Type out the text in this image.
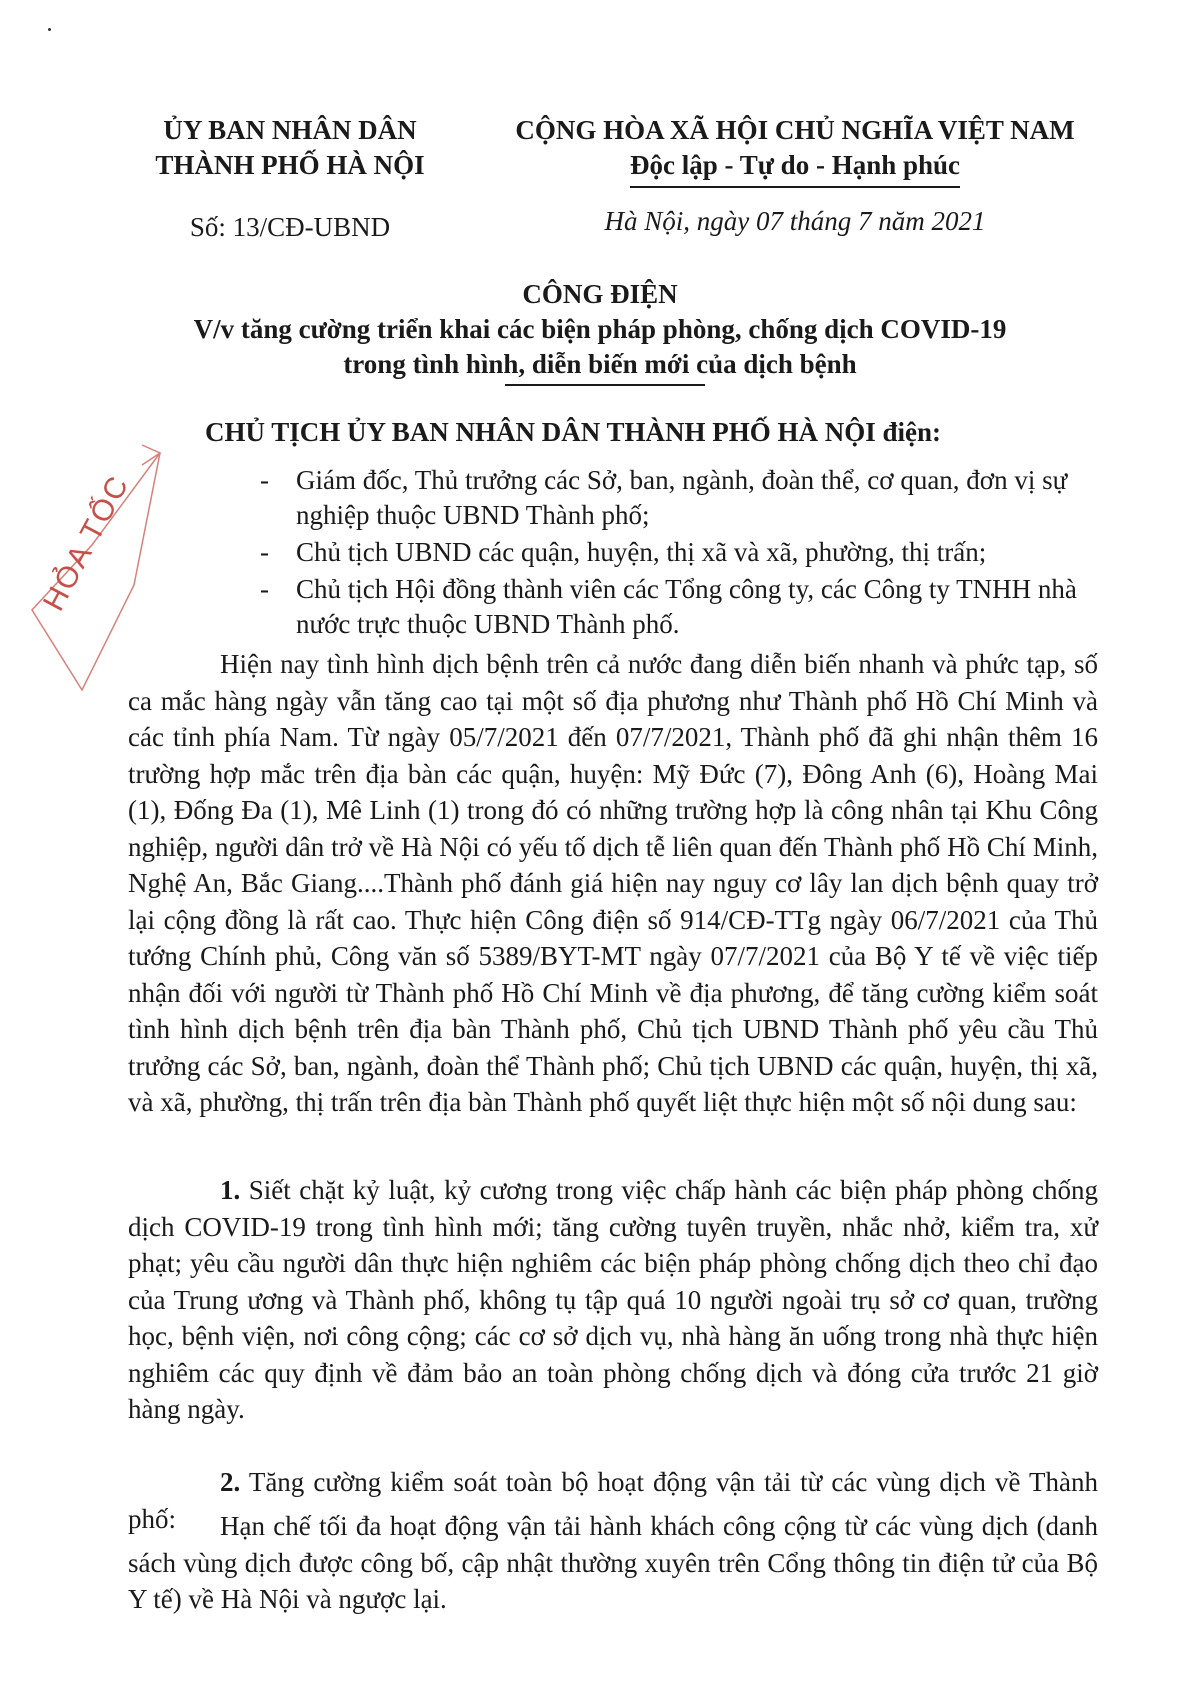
ỦY BAN NHÂN DÂN
THÀNH PHỐ HÀ NỘI
CỘNG HÒA XÃ HỘI CHỦ NGHĨA VIỆT NAM
Độc lập - Tự do - Hạnh phúc
Số: 13/CĐ-UBND	Hà Nội, ngày 07 tháng 7 năm 2021
CÔNG ĐIỆN
V/v tăng cường triển khai các biện pháp phòng, chống dịch COVID-19
trong tình hình, diễn biến mới của dịch bệnh
HỎA TỐC
CHỦ TỊCH ỦY BAN NHÂN DÂN THÀNH PHỐ HÀ NỘI điện:
- Giám đốc, Thủ trưởng các Sở, ban, ngành, đoàn thể, cơ quan, đơn vị sự nghiệp thuộc UBND Thành phố;
- Chủ tịch UBND các quận, huyện, thị xã và xã, phường, thị trấn;
- Chủ tịch Hội đồng thành viên các Tổng công ty, các Công ty TNHH nhà nước trực thuộc UBND Thành phố.

Hiện nay tình hình dịch bệnh trên cả nước đang diễn biến nhanh và phức tạp, số ca mắc hàng ngày vẫn tăng cao tại một số địa phương như Thành phố Hồ Chí Minh và các tỉnh phía Nam. Từ ngày 05/7/2021 đến 07/7/2021, Thành phố đã ghi nhận thêm 16 trường hợp mắc trên địa bàn các quận, huyện: Mỹ Đức (7), Đông Anh (6), Hoàng Mai (1), Đống Đa (1), Mê Linh (1) trong đó có những trường hợp là công nhân tại Khu Công nghiệp, người dân trở về Hà Nội có yếu tố dịch tễ liên quan đến Thành phố Hồ Chí Minh, Nghệ An, Bắc Giang....Thành phố đánh giá hiện nay nguy cơ lây lan dịch bệnh quay trở lại cộng đồng là rất cao. Thực hiện Công điện số 914/CĐ-TTg ngày 06/7/2021 của Thủ tướng Chính phủ, Công văn số 5389/BYT-MT ngày 07/7/2021 của Bộ Y tế về việc tiếp nhận đối với người từ Thành phố Hồ Chí Minh về địa phương, để tăng cường kiểm soát tình hình dịch bệnh trên địa bàn Thành phố, Chủ tịch UBND Thành phố yêu cầu Thủ trưởng các Sở, ban, ngành, đoàn thể Thành phố; Chủ tịch UBND các quận, huyện, thị xã, và xã, phường, thị trấn trên địa bàn Thành phố quyết liệt thực hiện một số nội dung sau:

1. Siết chặt kỷ luật, kỷ cương trong việc chấp hành các biện pháp phòng chống dịch COVID-19 trong tình hình mới; tăng cường tuyên truyền, nhắc nhở, kiểm tra, xử phạt; yêu cầu người dân thực hiện nghiêm các biện pháp phòng chống dịch theo chỉ đạo của Trung ương và Thành phố, không tụ tập quá 10 người ngoài trụ sở cơ quan, trường học, bệnh viện, nơi công cộng; các cơ sở dịch vụ, nhà hàng ăn uống trong nhà thực hiện nghiêm các quy định về đảm bảo an toàn phòng chống dịch và đóng cửa trước 21 giờ hàng ngày.

2. Tăng cường kiểm soát toàn bộ hoạt động vận tải từ các vùng dịch về Thành phố:	Hạn chế tối đa hoạt động vận tải hành khách công cộng từ các vùng dịch (danh sách vùng dịch được công bố, cập nhật thường xuyên trên Cổng thông tin điện tử của Bộ Y tế) về Hà Nội và ngược lại.
